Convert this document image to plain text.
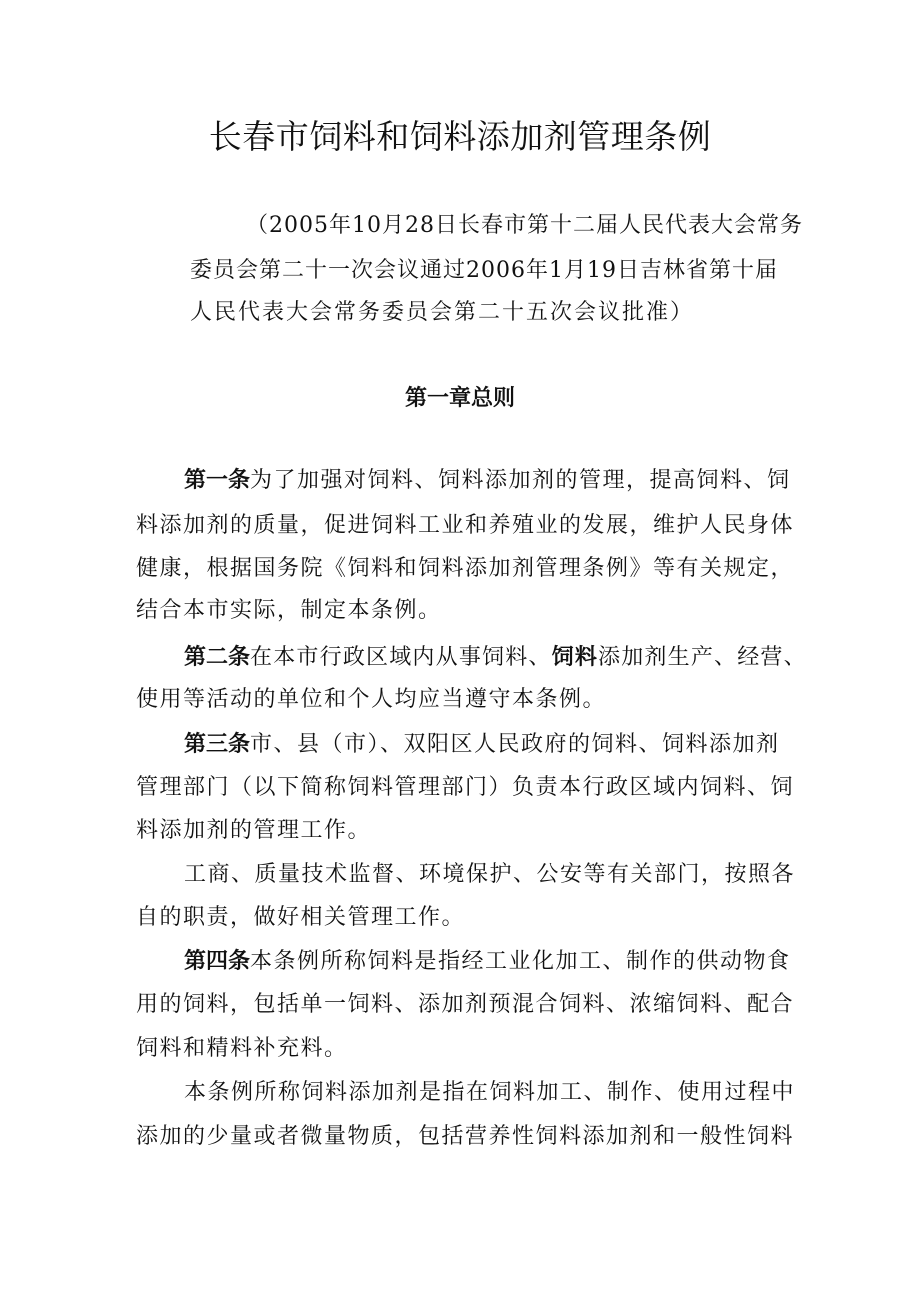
长春市饲料和饲料添加剂管理条例

（2005年10月28日长春市第十二届人民代表大会常务

委员会第二十一次会议通过2006年1月19日吉林省第十届

人民代表大会常务委员会第二十五次会议批准）

第一章总则

第一条为了加强对饲料、饲料添加剂的管理，提高饲料、饲

料添加剂的质量，促进饲料工业和养殖业的发展，维护人民身体

健康，根据国务院《饲料和饲料添加剂管理条例》等有关规定，

结合本市实际，制定本条例。

第二条在本市行政区域内从事饲料、饲料添加剂生产、经营、

使用等活动的单位和个人均应当遵守本条例。

第三条市、县（市）、双阳区人民政府的饲料、饲料添加剂

管理部门（以下简称饲料管理部门）负责本行政区域内饲料、饲

料添加剂的管理工作。

工商、质量技术监督、环境保护、公安等有关部门，按照各

自的职责，做好相关管理工作。

第四条本条例所称饲料是指经工业化加工、制作的供动物食

用的饲料，包括单一饲料、添加剂预混合饲料、浓缩饲料、配合

饲料和精料补充料。

本条例所称饲料添加剂是指在饲料加工、制作、使用过程中

添加的少量或者微量物质，包括营养性饲料添加剂和一般性饲料
